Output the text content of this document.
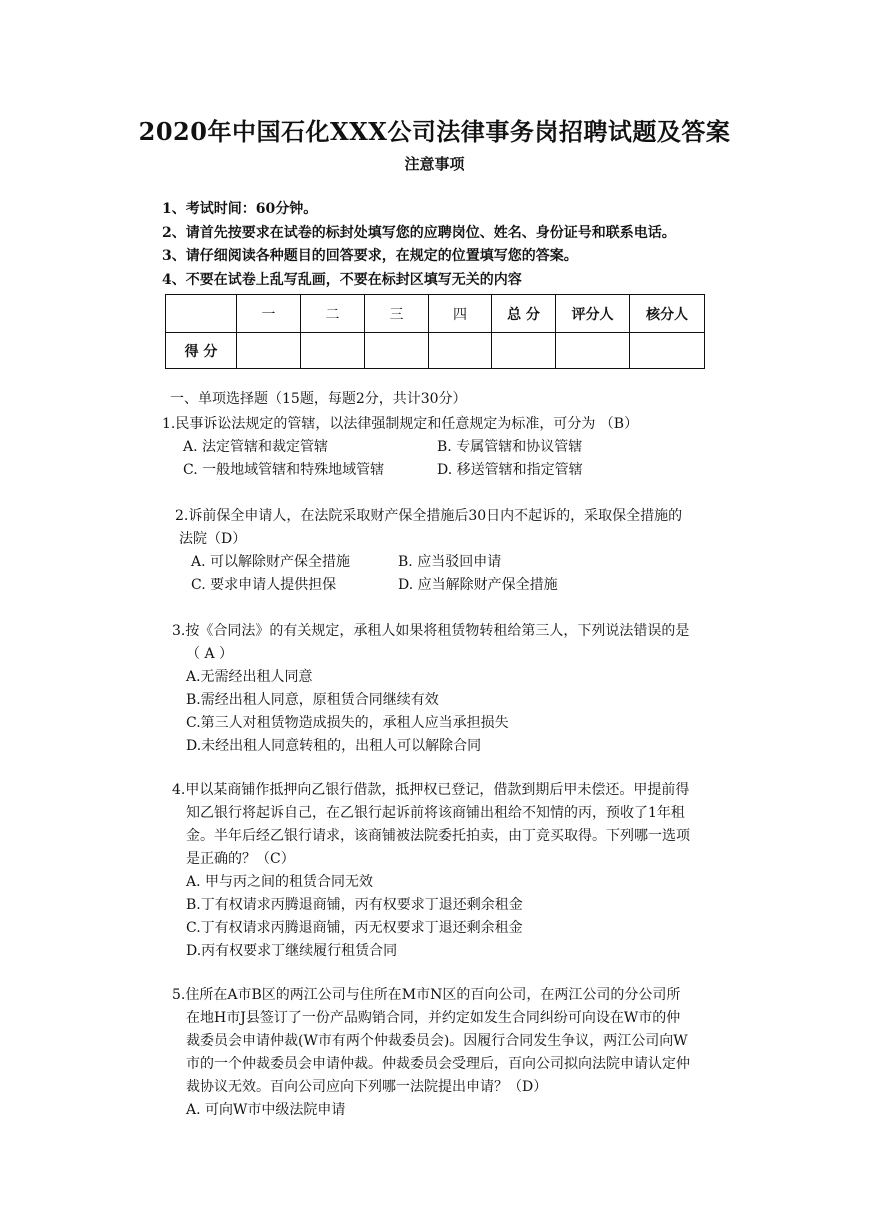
2020年中国石化XXX公司法律事务岗招聘试题及答案
注意事项
1、考试时间：60分钟。
2、请首先按要求在试卷的标封处填写您的应聘岗位、姓名、身份证号和联系电话。
3、请仔细阅读各种题目的回答要求，在规定的位置填写您的答案。
4、不要在试卷上乱写乱画，不要在标封区填写无关的内容
	一	二	三	四	总 分	评分人	核分人
得 分							
一、单项选择题（15题，每题2分，共计30分）
1.民事诉讼法规定的管辖，以法律强制规定和任意规定为标准，可分为 （B）
A. 法定管辖和裁定管辖	B. 专属管辖和协议管辖
C. 一般地域管辖和特殊地域管辖	D. 移送管辖和指定管辖
2.诉前保全申请人，在法院采取财产保全措施后30日内不起诉的，采取保全措施的
法院（D）
A. 可以解除财产保全措施	B. 应当驳回申请
C. 要求申请人提供担保	D. 应当解除财产保全措施
3.按《合同法》的有关规定，承租人如果将租赁物转租给第三人，下列说法错误的是
（ A ）
A.无需经出租人同意
B.需经出租人同意，原租赁合同继续有效
C.第三人对租赁物造成损失的，承租人应当承担损失
D.未经出租人同意转租的，出租人可以解除合同
4.甲以某商铺作抵押向乙银行借款，抵押权已登记，借款到期后甲未偿还。甲提前得
知乙银行将起诉自己，在乙银行起诉前将该商铺出租给不知情的丙，预收了1年租
金。半年后经乙银行请求，该商铺被法院委托拍卖，由丁竞买取得。下列哪一选项
是正确的？（C）
A. 甲与丙之间的租赁合同无效
B.丁有权请求丙腾退商铺，丙有权要求丁退还剩余租金
C.丁有权请求丙腾退商铺，丙无权要求丁退还剩余租金
D.丙有权要求丁继续履行租赁合同
5.住所在A市B区的两江公司与住所在M市N区的百向公司，在两江公司的分公司所
在地H市J县签订了一份产品购销合同，并约定如发生合同纠纷可向设在W市的仲
裁委员会申请仲裁(W市有两个仲裁委员会)。因履行合同发生争议，两江公司向W
市的一个仲裁委员会申请仲裁。仲裁委员会受理后，百向公司拟向法院申请认定仲
裁协议无效。百向公司应向下列哪一法院提出申请？（D）
A. 可向W市中级法院申请
